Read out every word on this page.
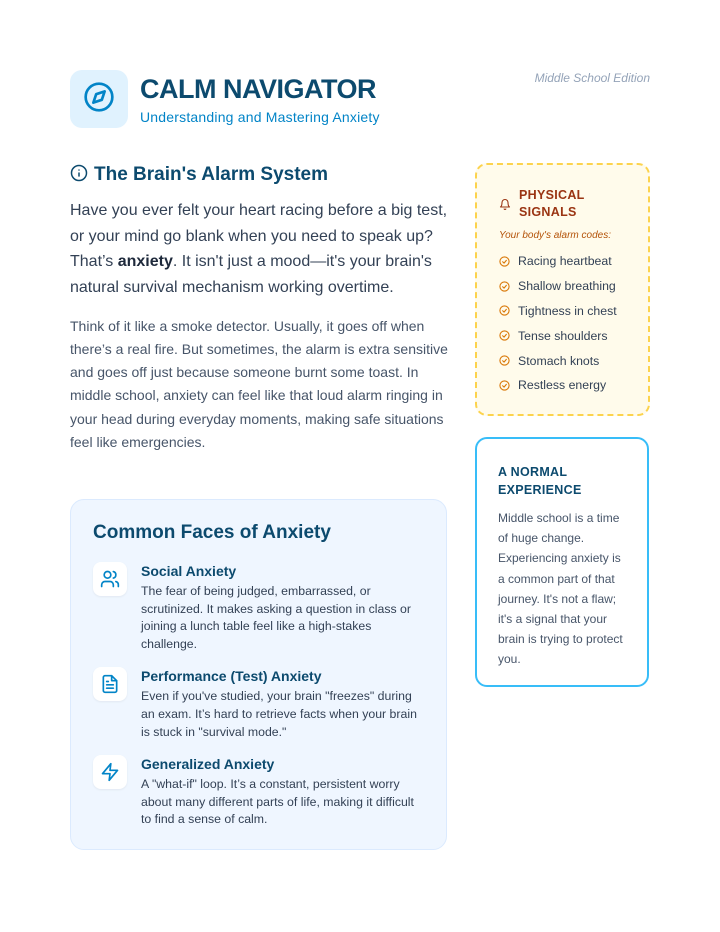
Middle School Edition
CALM NAVIGATOR
Understanding and Mastering Anxiety
The Brain's Alarm System

Have you ever felt your heart racing before a big test, or your mind go blank when you need to speak up? That’s anxiety. It isn't just a mood—it's your brain's natural survival mechanism working overtime.

Think of it like a smoke detector. Usually, it goes off when there’s a real fire. But sometimes, the alarm is extra sensitive and goes off just because someone burnt some toast. In middle school, anxiety can feel like that loud alarm ringing in your head during everyday moments, making safe situations feel like emergencies.

Common Faces of Anxiety
Social Anxiety
The fear of being judged, embarrassed, or scrutinized. It makes asking a question in class or joining a lunch table feel like a high-stakes challenge.
Performance (Test) Anxiety
Even if you've studied, your brain "freezes" during an exam. It’s hard to retrieve facts when your brain is stuck in "survival mode."
Generalized Anxiety
A "what-if" loop. It’s a constant, persistent worry about many different parts of life, making it difficult to find a sense of calm.
PHYSICAL SIGNALS
Your body's alarm codes:
Racing heartbeat
Shallow breathing
Tightness in chest
Tense shoulders
Stomach knots
Restless energy
A NORMAL EXPERIENCE

Middle school is a time of huge change. Experiencing anxiety is a common part of that journey. It's not a flaw; it's a signal that your brain is trying to protect you.
